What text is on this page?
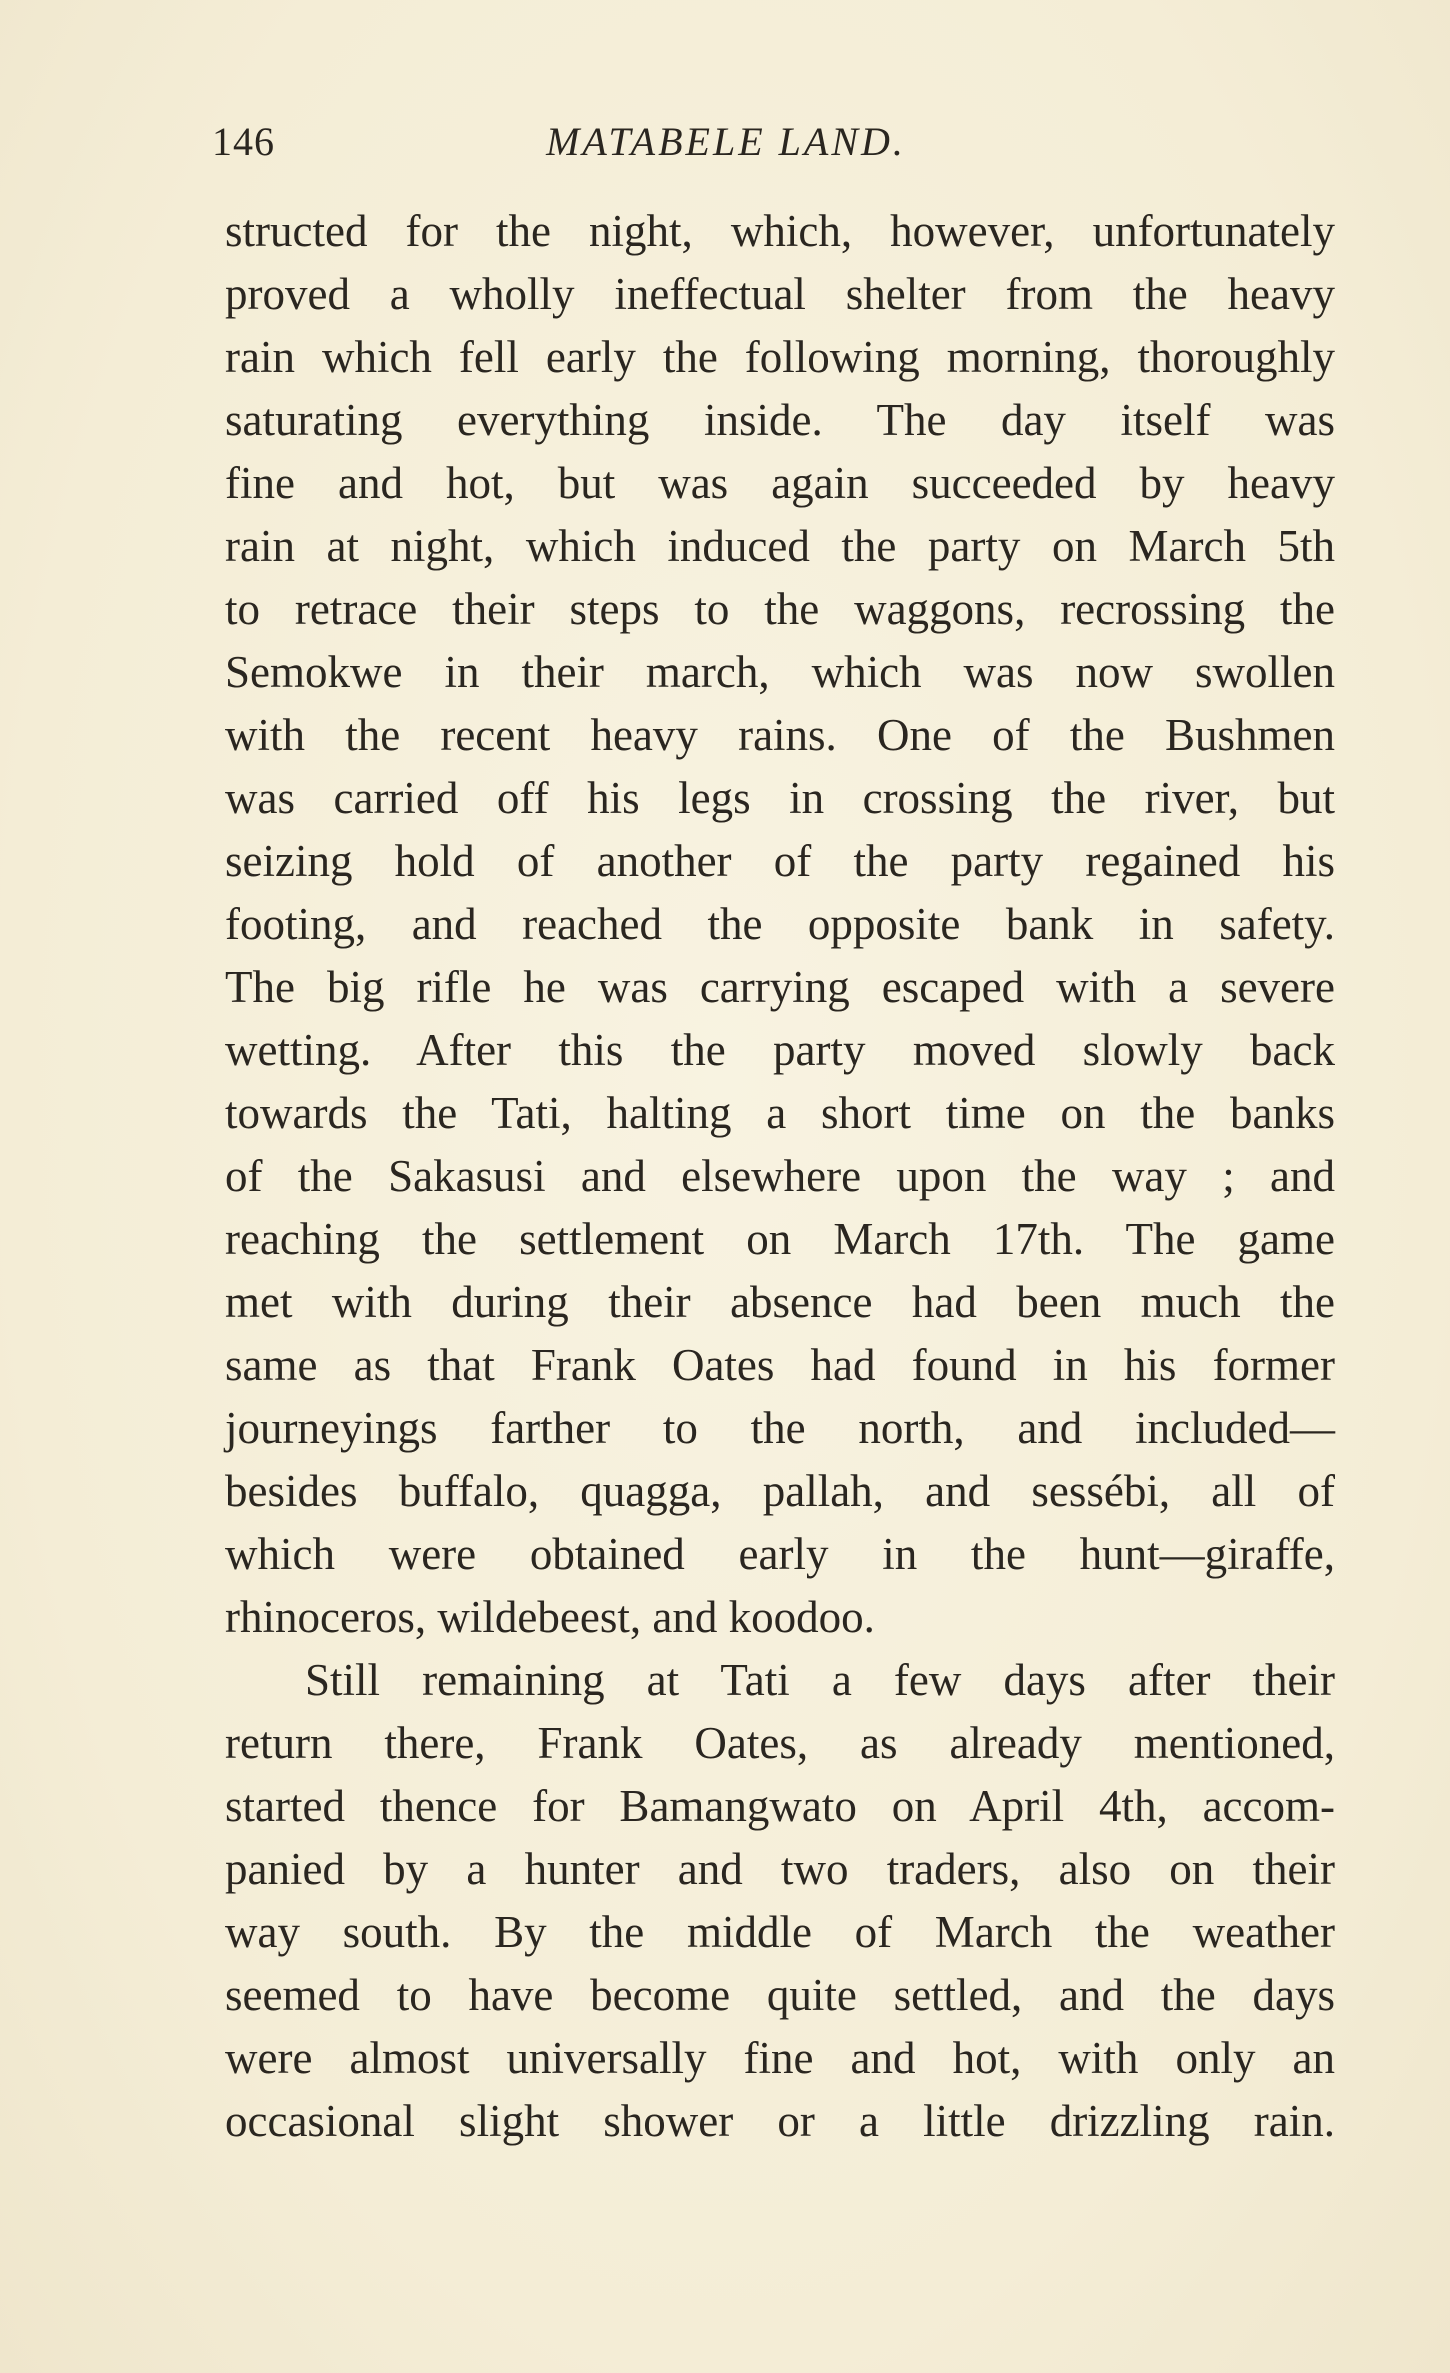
146	MATABELE LAND.
structed for the night, which, however, unfortunately
proved a wholly ineffectual shelter from the heavy
rain which fell early the following morning, thoroughly
saturating everything inside. The day itself was
fine and hot, but was again succeeded by heavy
rain at night, which induced the party on March 5th
to retrace their steps to the waggons, recrossing the
Semokwe in their march, which was now swollen
with the recent heavy rains. One of the Bushmen
was carried off his legs in crossing the river, but
seizing hold of another of the party regained his
footing, and reached the opposite bank in safety.
The big rifle he was carrying escaped with a severe
wetting. After this the party moved slowly back
towards the Tati, halting a short time on the banks
of the Sakasusi and elsewhere upon the way ; and
reaching the settlement on March 17th. The game
met with during their absence had been much the
same as that Frank Oates had found in his former
journeyings farther to the north, and included—
besides buffalo, quagga, pallah, and sessébi, all of
which were obtained early in the hunt—giraffe,
rhinoceros, wildebeest, and koodoo.
Still remaining at Tati a few days after their
return there, Frank Oates, as already mentioned,
started thence for Bamangwato on April 4th, accom-
panied by a hunter and two traders, also on their
way south. By the middle of March the weather
seemed to have become quite settled, and the days
were almost universally fine and hot, with only an
occasional slight shower or a little drizzling rain.
